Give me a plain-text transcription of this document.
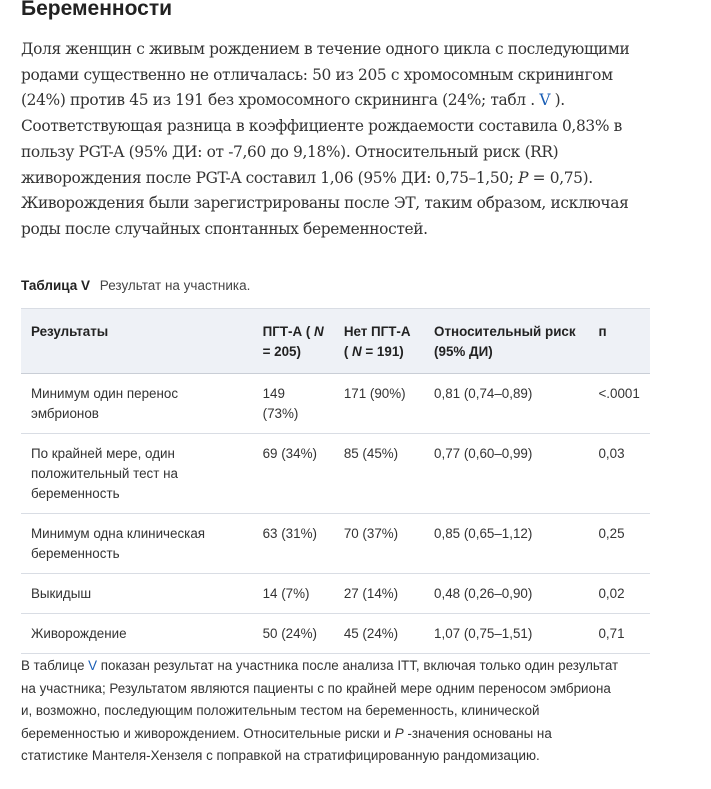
Беременности

Доля женщин с живым рождением в течение одного цикла с последующими
родами существенно не отличалась: 50 из 205 с хромосомным скринингом
(24%) против 45 из 191 без хромосомного скрининга (24%; табл . V ).
Соответствующая разница в коэффициенте рождаемости составила 0,83% в
пользу PGT-A (95% ДИ: от -7,60 до 9,18%). Относительный риск (RR)
живорождения после PGT-A составил 1,06 (95% ДИ: 0,75–1,50; P = 0,75).
Живорождения были зарегистрированы после ЭТ, таким образом, исключая
роды после случайных спонтанных беременностей.

Таблица V Результат на участника.
Результаты	ПГТ-А ( N = 205)	Нет ПГТ-А
( N = 191)	Относительный риск (95% ДИ)	п
Минимум один перенос эмбрионов	149 (73%)	171 (90%)	0,81 (0,74–0,89)	<.0001
По крайней мере, один положительный тест на беременность	69 (34%)	85 (45%)	0,77 (0,60–0,99)	0,03
Минимум одна клиническая беременность	63 (31%)	70 (37%)	0,85 (0,65–1,12)	0,25
Выкидыш	14 (7%)	27 (14%)	0,48 (0,26–0,90)	0,02
Живорождение	50 (24%)	45 (24%)	1,07 (0,75–1,51)	0,71

В таблице V показан результат на участника после анализа ITT, включая только один результат
на участника; Результатом являются пациенты с по крайней мере одним переносом эмбриона
и, возможно, последующим положительным тестом на беременность, клинической
беременностью и живорождением. Относительные риски и P -значения основаны на
статистике Мантеля-Хензеля с поправкой на стратифицированную рандомизацию.
